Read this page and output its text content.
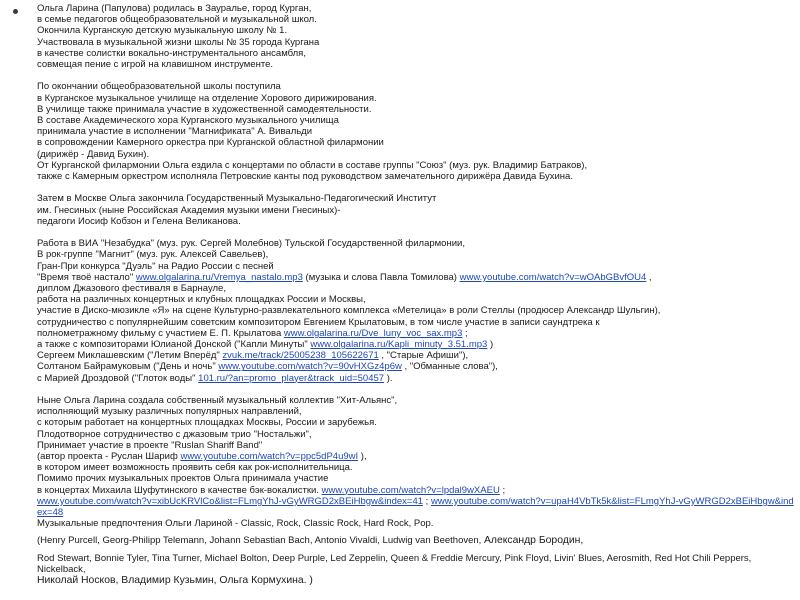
Ольга Ларина (Папулова) родилась в Зауралье, город Курган,
в семье педагогов общеобразовательной и музыкальной школ.
Окончила Курганскую детскую музыкальную школу № 1.
Участвовала в музыкальной жизни школы № 35 города Кургана
в качестве солистки вокально-инструментального ансамбля,
совмещая пение с игрой на клавишном инструменте.
По окончании общеобразовательной школы поступила
в Курганское музыкальное училище на отделение Хорового дирижирования.
В училище также принимала участие в художественной самодеятельности.
В составе Академического хора Курганского музыкального училища
принимала участие в исполнении "Магнификата" А. Вивальди
в сопровождении Камерного оркестра при Курганской областной филармонии
(дирижёр - Давид Бухин).
От Курганской филармонии Ольга ездила с концертами по области в составе группы "Союз" (муз. рук. Владимир Батраков),
также с Камерным оркестром исполняла Петровские канты под руководством замечательного дирижёра Давида Бухина.
Затем в Москве Ольга закончила Государственный Музыкально-Педагогический Институт
им. Гнесиных (ныне Российская Академия музыки имени Гнесиных)-
педагоги Иосиф Кобзон и Гелена Великанова.
Работа в ВИА "Незабудка" (муз. рук. Сергей Молебнов) Тульской Государственной филармонии,
В рок-группе "Магнит" (муз. рук. Алексей Савельев),
Гран-При конкурса "Дуэль" на Радио России с песней
"Время твоё настало" www.olgalarina.ru/Vremya_nastalo.mp3 (музыка и слова Павла Томилова) www.youtube.com/watch?v=wOAbGBvfOU4 ,
диплом Джазового фестиваля в Барнауле,
работа на различных концертных и клубных площадках России и Москвы,
участие в Диско-мюзикле «Я» на сцене Культурно-развлекательного комплекса «Метелица» в роли Стеллы (продюсер Александр Шульгин),
сотрудничество с популярнейшим советским композитором Евгением Крылатовым, в том числе участие в записи саундтрека к
полнометражному фильму с участием Е. П. Крылатова www.olgalarina.ru/Dve_luny_voc_sax.mp3 ;
а также с композиторами Юлианой Донской ("Капли Минуты" www.olgalarina.ru/Kapli_minuty_3.51.mp3 )
Сергеем Миклашевским ("Летим Вперёд" zvuk.me/track/25005238_105622671 , "Старые Афиши"),
Солтаном Байрамуковым ("День и ночь" www.youtube.com/watch?v=90vHXGz4p6w , "Обманные слова"),
с Марией Дроздовой ("Глоток воды" 101.ru/?an=promo_player&track_uid=50457 ).
Ныне Ольга Ларина создала собственный музыкальный коллектив "Хит-Альянс",
исполняющий музыку различных популярных направлений,
с которым работает на концертных площадках Москвы, России и зарубежья.
Плодотворное сотрудничество с джазовым трио "Ностальжи",
Принимает участие в проекте "Ruslan Shariff Band"
(автор проекта - Руслан Шариф www.youtube.com/watch?v=ppc5dP4u9wI ),
в котором имеет возможность проявить себя как рок-исполнительница.
Помимо прочих музыкальных проектов Ольга принимала участие
в концертах Михаила Шуфутинского в качестве бэк-вокалистки. www.youtube.com/watch?v=lpdal9wXAEU ;
www.youtube.com/watch?v=xibUcKRVlCo&list=FLmgYhJ-vGyWRGD2xBEiHbgw&index=41 ; www.youtube.com/watch?v=upaH4VbTk5k&list=FLmgYhJ-vGyWRGD2xBEiHbgw&index=48
Музыкальные предпочтения Ольги Лариной - Classic, Rock, Classic Rock, Hard Rock, Pop.
(Henry Purcell, Georg-Philipp Telemann, Johann Sebastian Bach, Antonio Vivaldi, Ludwig van Beethoven, Александр Бородин,
Rod Stewart, Bonnie Tyler, Tina Turner, Michael Bolton, Deep Purple, Led Zeppelin, Queen & Freddie Mercury, Pink Floyd, Livin' Blues, Aerosmith, Red Hot Chili Peppers, Nickelback,
Николай Носков, Владимир Кузьмин, Ольга Кормухина. )
